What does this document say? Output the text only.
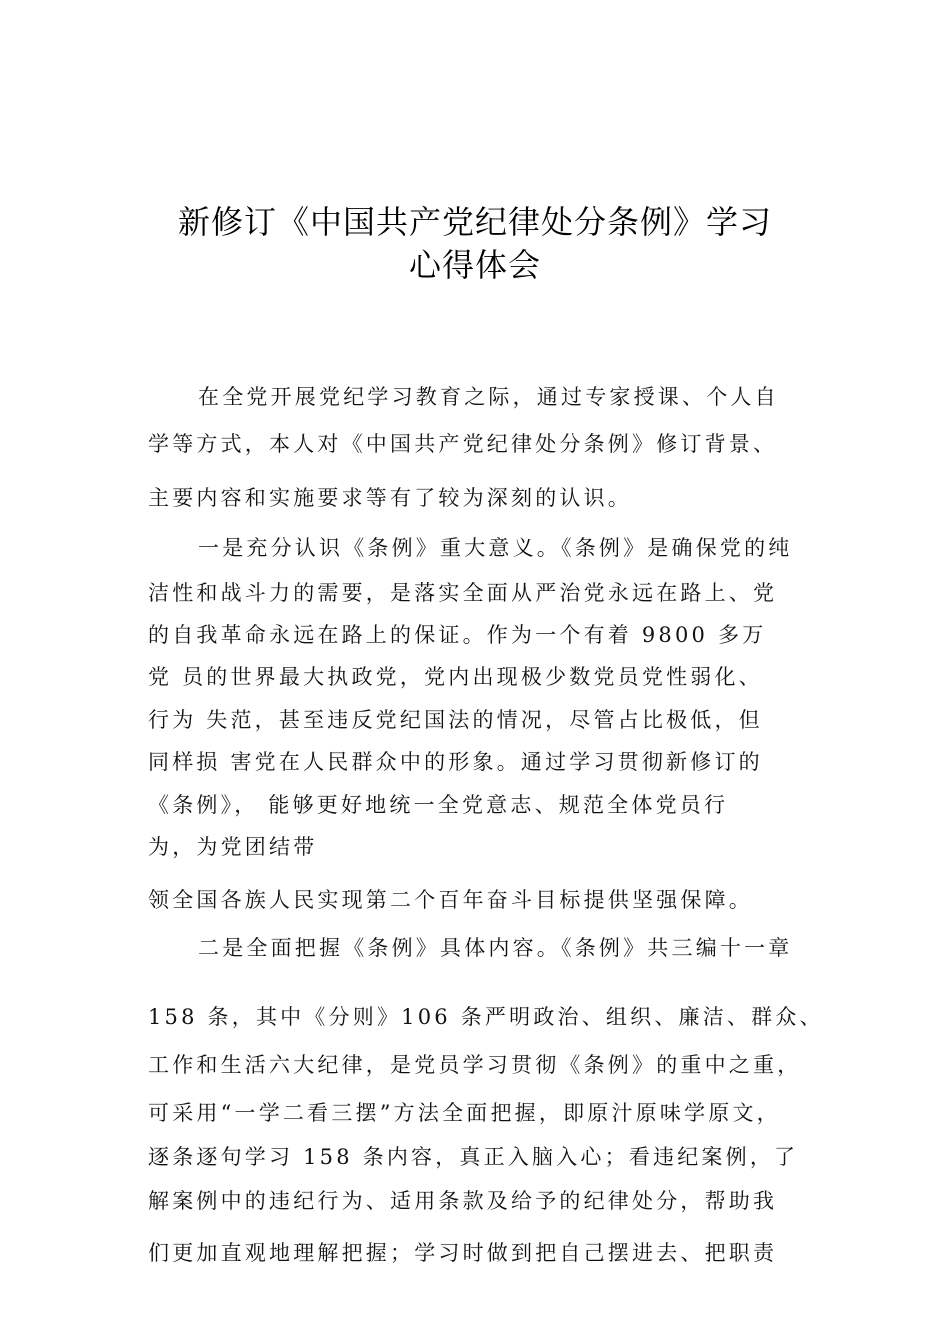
新修订《中国共产党纪律处分条例》学习
心得体会
在全党开展党纪学习教育之际，通过专家授课、个人自
学等方式，本人对《中国共产党纪律处分条例》修订背景、
主要内容和实施要求等有了较为深刻的认识。
一是充分认识《条例》重大意义。《条例》是确保党的纯
洁性和战斗力的需要，是落实全面从严治党永远在路上、党
的自我革命永远在路上的保证。作为一个有着 9800 多万
党 员的世界最大执政党，党内出现极少数党员党性弱化、
行为 失范，甚至违反党纪国法的情况，尽管占比极低，但
同样损 害党在人民群众中的形象。通过学习贯彻新修订的
《条例》， 能够更好地统一全党意志、规范全体党员行
为，为党团结带
领全国各族人民实现第二个百年奋斗目标提供坚强保障。
二是全面把握《条例》具体内容。《条例》共三编十一章
158 条，其中《分则》106 条严明政治、组织、廉洁、群众、
工作和生活六大纪律，是党员学习贯彻《条例》的重中之重，
可采用“一学二看三摆”方法全面把握，即原汁原味学原文，
逐条逐句学习 158 条内容，真正入脑入心；看违纪案例，了
解案例中的违纪行为、适用条款及给予的纪律处分，帮助我
们更加直观地理解把握；学习时做到把自己摆进去、把职责
